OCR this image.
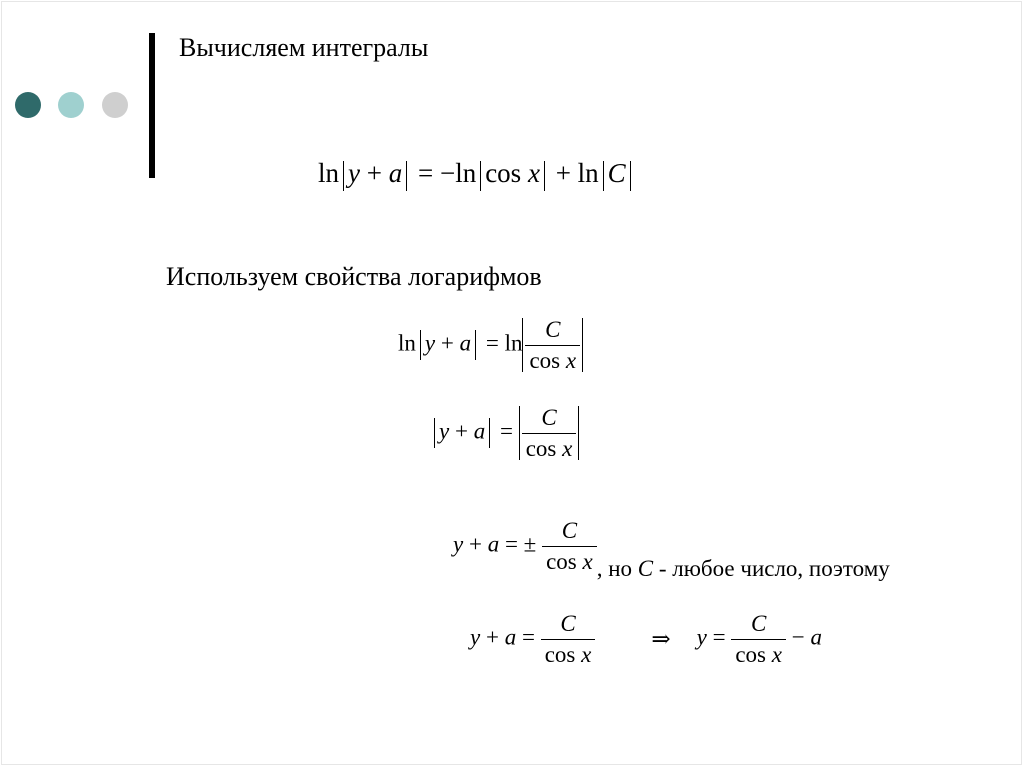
Вычисляем интегралы
ln y + a = −ln cos x + ln C
Используем свойства логарифмов
$\ln y + a = \ln \frac{C}{\text{cos x}}$
$y + a = \frac{C}{\text{cos x}}$
y + a = ± $\frac{C}{\text{cos x}}$ , но C - любое число, поэтому
$y + a = \frac{C}{\text{cos x}}$ ⇒ $y = \frac{C}{\text{cos x}} - a$
